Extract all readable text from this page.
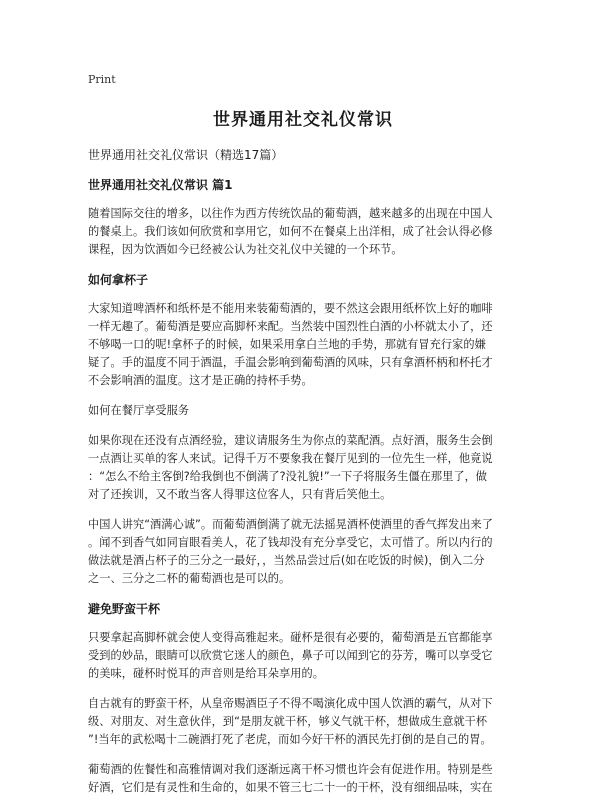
Print
世界通用社交礼仪常识
世界通用社交礼仪常识（精选17篇）
世界通用社交礼仪常识 篇1
随着国际交往的增多，以往作为西方传统饮品的葡萄酒，越来越多的出现在中国人
的餐桌上。我们该如何欣赏和享用它，如何不在餐桌上出洋相，成了社会认得必修
课程，因为饮酒如今已经被公认为社交礼仪中关键的一个环节。
如何拿杯子
大家知道啤酒杯和纸杯是不能用来装葡萄酒的，要不然这会跟用纸杯饮上好的咖啡
一样无趣了。葡萄酒是要应高脚杯来配。当然装中国烈性白酒的小杯就太小了，还
不够喝一口的呢!拿杯子的时候，如果采用拿白兰地的手势，那就有冒充行家的嫌
疑了。手的温度不同于酒温，手温会影响到葡萄酒的风味，只有拿酒杯柄和杯托才
不会影响酒的温度。这才是正确的持杯手势。
如何在餐厅享受服务
如果你现在还没有点酒经验，建议请服务生为你点的菜配酒。点好酒，服务生会倒
一点酒让买单的客人来试。记得千万不要象我在餐厅见到的一位先生一样，他竟说
：“怎么不给主客倒?给我倒也不倒满了?没礼貌!”一下子将服务生僵在那里了，做
对了还挨训，又不敢当客人得罪这位客人，只有背后笑他土。
中国人讲究“酒满心诚”。而葡萄酒倒满了就无法摇晃酒杯使酒里的香气挥发出来了
。闻不到香气如同盲眼看美人，花了钱却没有充分享受它，太可惜了。所以内行的
做法就是酒占杯子的三分之一最好，，当然品尝过后(如在吃饭的时候)，倒入二分
之一、三分之二杯的葡萄酒也是可以的。
避免野蛮干杯
只要拿起高脚杯就会使人变得高雅起来。碰杯是很有必要的，葡萄酒是五官都能享
受到的妙品，眼睛可以欣赏它迷人的颜色，鼻子可以闻到它的芬芳，嘴可以享受它
的美味，碰杯时悦耳的声音则是给耳朵享用的。
自古就有的野蛮干杯，从皇帝赐酒臣子不得不喝演化成中国人饮酒的霸气，从对下
级、对朋友、对生意伙伴，到“是朋友就干杯，够义气就干杯，想做成生意就干杯
”!当年的武松喝十二碗酒打死了老虎，而如今好干杯的酒民先打倒的是自己的胃。
葡萄酒的佐餐性和高雅情调对我们逐渐远离干杯习惯也许会有促进作用。特别是些
好酒，它们是有灵性和生命的，如果不管三七二十一的干杯，没有细细品味，实在
